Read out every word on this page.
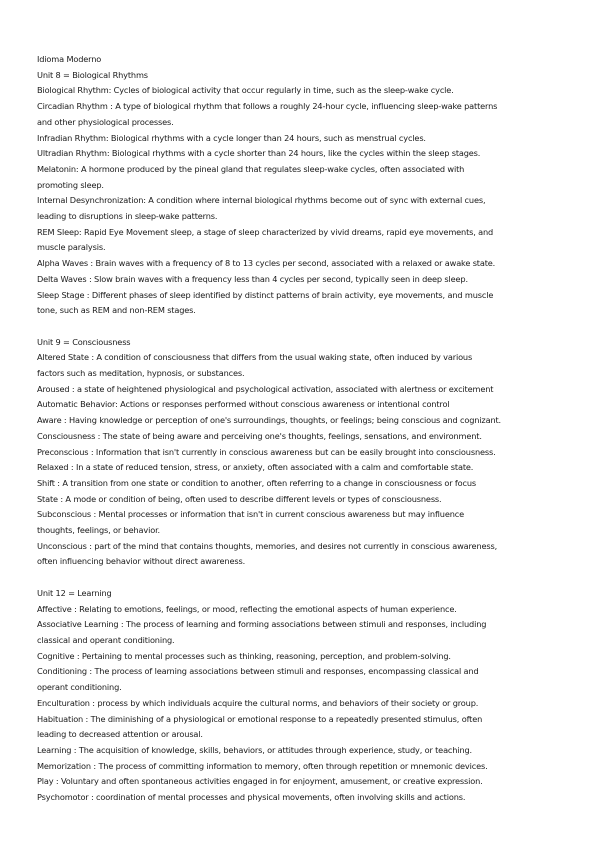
Idioma Moderno
Unit 8 = Biological Rhythms
Biological Rhythm: Cycles of biological activity that occur regularly in time, such as the sleep-wake cycle.
Circadian Rhythm : A type of biological rhythm that follows a roughly 24-hour cycle, influencing sleep-wake patterns
and other physiological processes.
Infradian Rhythm: Biological rhythms with a cycle longer than 24 hours, such as menstrual cycles.
Ultradian Rhythm: Biological rhythms with a cycle shorter than 24 hours, like the cycles within the sleep stages.
Melatonin: A hormone produced by the pineal gland that regulates sleep-wake cycles, often associated with
promoting sleep.
Internal Desynchronization: A condition where internal biological rhythms become out of sync with external cues,
leading to disruptions in sleep-wake patterns.
REM Sleep: Rapid Eye Movement sleep, a stage of sleep characterized by vivid dreams, rapid eye movements, and
muscle paralysis.
Alpha Waves : Brain waves with a frequency of 8 to 13 cycles per second, associated with a relaxed or awake state.
Delta Waves : Slow brain waves with a frequency less than 4 cycles per second, typically seen in deep sleep.
Sleep Stage : Different phases of sleep identified by distinct patterns of brain activity, eye movements, and muscle
tone, such as REM and non-REM stages.
Unit 9 = Consciousness
Altered State : A condition of consciousness that differs from the usual waking state, often induced by various
factors such as meditation, hypnosis, or substances.
Aroused : a state of heightened physiological and psychological activation, associated with alertness or excitement
Automatic Behavior: Actions or responses performed without conscious awareness or intentional control
Aware : Having knowledge or perception of one's surroundings, thoughts, or feelings; being conscious and cognizant.
Consciousness : The state of being aware and perceiving one's thoughts, feelings, sensations, and environment.
Preconscious : Information that isn't currently in conscious awareness but can be easily brought into consciousness.
Relaxed : In a state of reduced tension, stress, or anxiety, often associated with a calm and comfortable state.
Shift : A transition from one state or condition to another, often referring to a change in consciousness or focus
State : A mode or condition of being, often used to describe different levels or types of consciousness.
Subconscious : Mental processes or information that isn't in current conscious awareness but may influence
thoughts, feelings, or behavior.
Unconscious : part of the mind that contains thoughts, memories, and desires not currently in conscious awareness,
often influencing behavior without direct awareness.
Unit 12 = Learning
Affective : Relating to emotions, feelings, or mood, reflecting the emotional aspects of human experience.
Associative Learning : The process of learning and forming associations between stimuli and responses, including
classical and operant conditioning.
Cognitive : Pertaining to mental processes such as thinking, reasoning, perception, and problem-solving.
Conditioning : The process of learning associations between stimuli and responses, encompassing classical and
operant conditioning.
Enculturation : process by which individuals acquire the cultural norms, and behaviors of their society or group.
Habituation : The diminishing of a physiological or emotional response to a repeatedly presented stimulus, often
leading to decreased attention or arousal.
Learning : The acquisition of knowledge, skills, behaviors, or attitudes through experience, study, or teaching.
Memorization : The process of committing information to memory, often through repetition or mnemonic devices.
Play : Voluntary and often spontaneous activities engaged in for enjoyment, amusement, or creative expression.
Psychomotor : coordination of mental processes and physical movements, often involving skills and actions.
